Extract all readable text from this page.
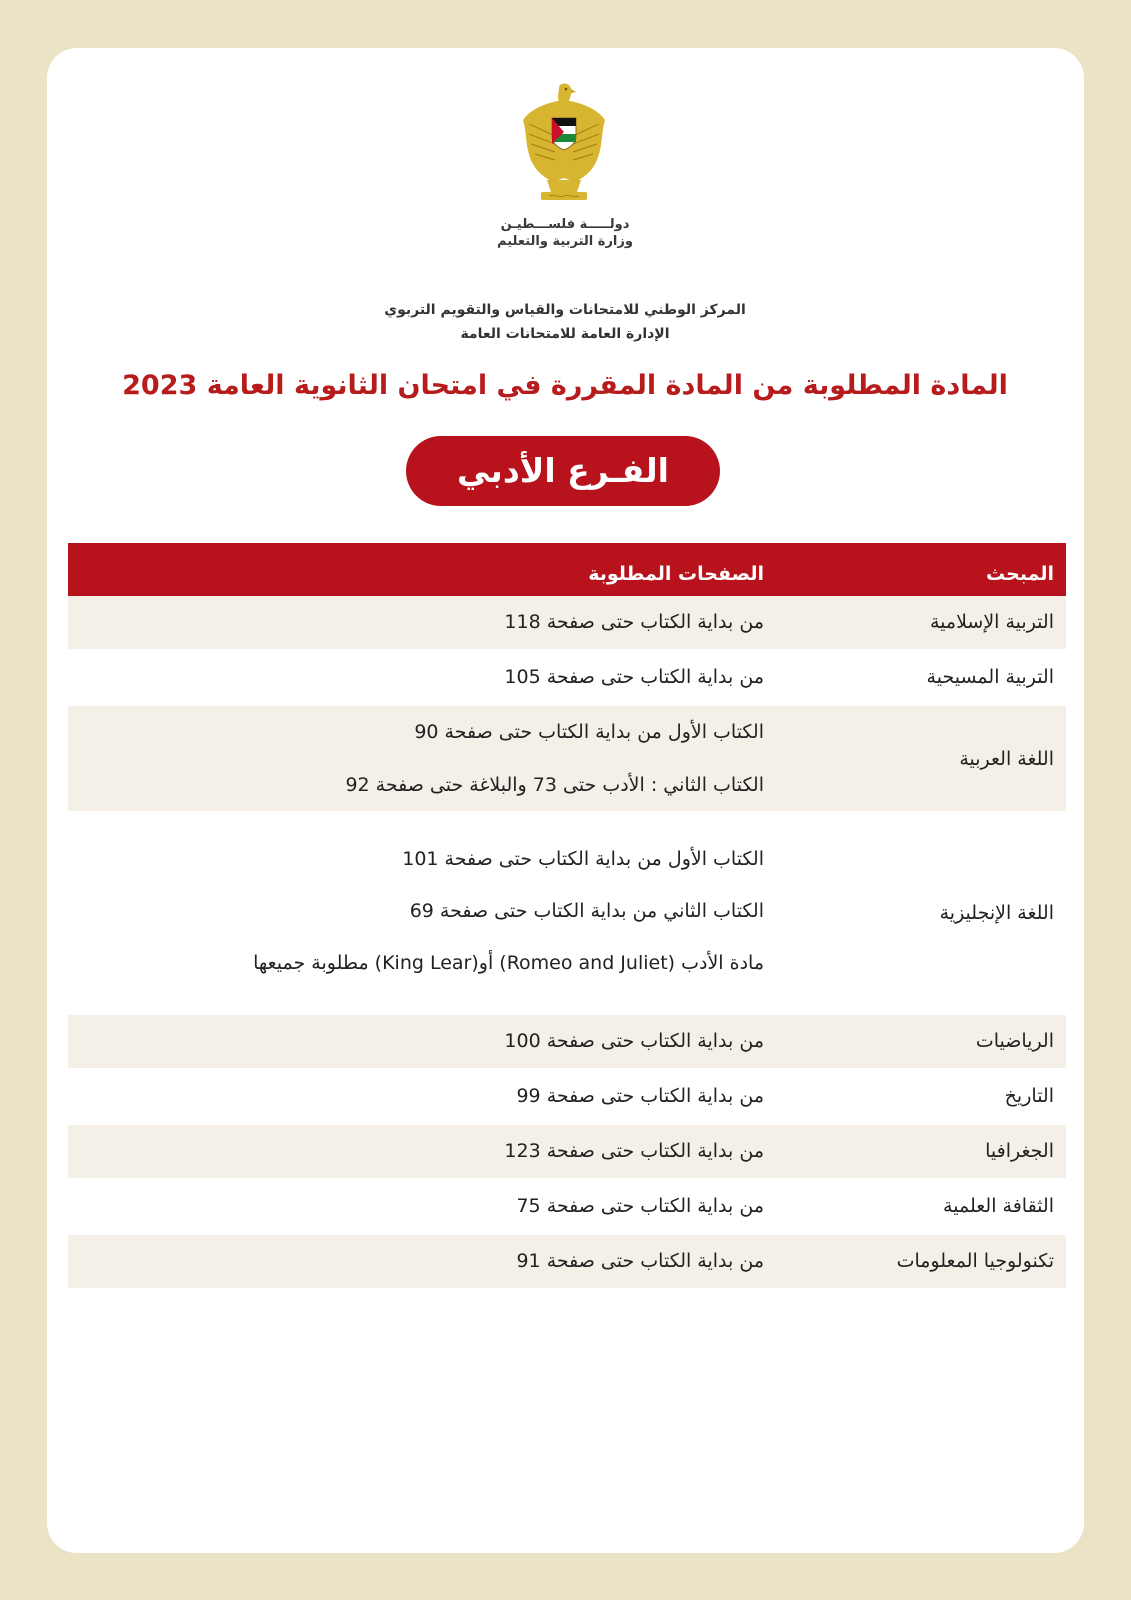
دولـــــة فلســـطيـن
وزارة التربية والتعليم
المركز الوطني للامتحانات والقياس والتقويم التربوي
الإدارة العامة للامتحانات العامة
المادة المطلوبة من المادة المقررة في امتحان الثانوية العامة 2023
الفـرع الأدبي
المبحث
الصفحات المطلوبة
التربية الإسلامية
من بداية الكتاب حتى صفحة 118
التربية المسيحية
من بداية الكتاب حتى صفحة 105
اللغة العربية
الكتاب الأول من بداية الكتاب حتى صفحة 90
الكتاب الثاني : الأدب حتى 73 والبلاغة حتى صفحة 92
اللغة الإنجليزية
الكتاب الأول من بداية الكتاب حتى صفحة 101
الكتاب الثاني من بداية الكتاب حتى صفحة 69
مادة الأدب (Romeo and Juliet) أو(King Lear) مطلوبة جميعها
الرياضيات
من بداية الكتاب حتى صفحة 100
التاريخ
من بداية الكتاب حتى صفحة 99
الجغرافيا
من بداية الكتاب حتى صفحة 123
الثقافة العلمية
من بداية الكتاب حتى صفحة 75
تكنولوجيا المعلومات
من بداية الكتاب حتى صفحة 91
